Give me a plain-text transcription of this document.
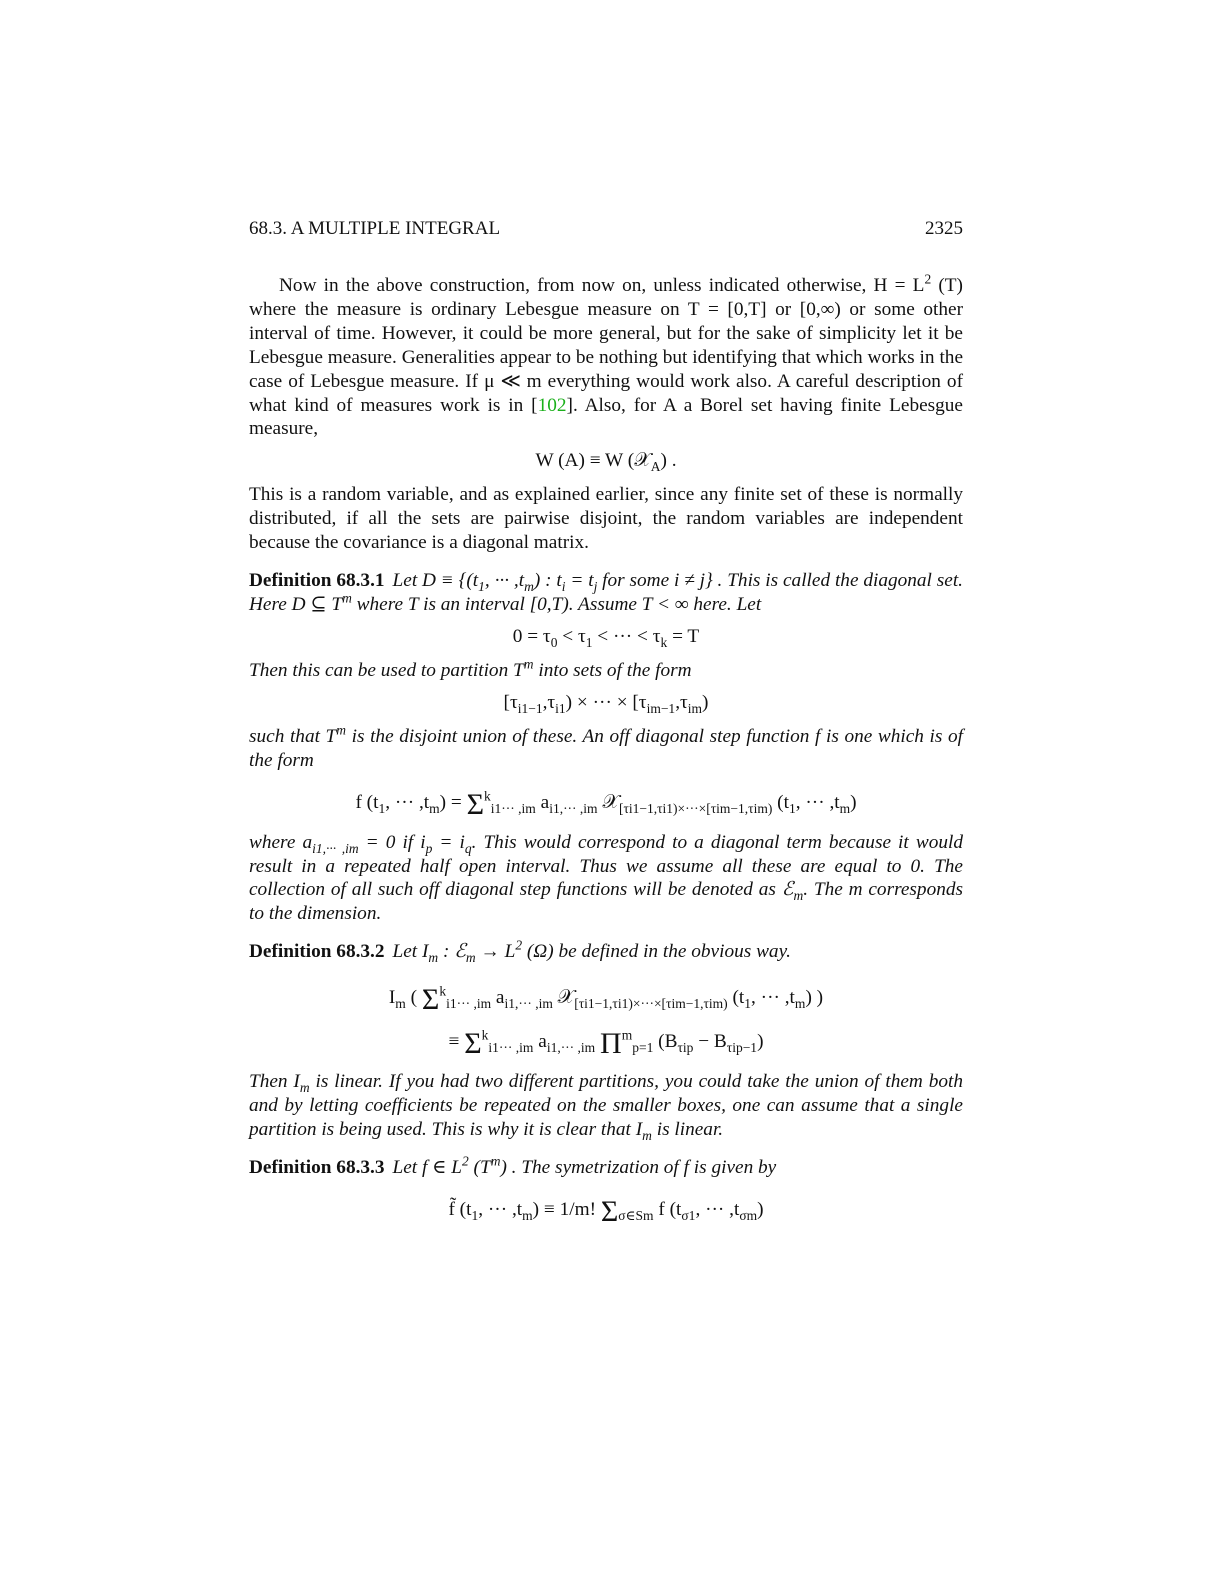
68.3. A MULTIPLE INTEGRAL	2325

Now in the above construction, from now on, unless indicated otherwise, $H = L^2$ (T) where the measure is ordinary Lebesgue measure on T = [0,T] or [0,∞) or some other interval of time. However, it could be more general, but for the sake of simplicity let it be Lebesgue measure. Generalities appear to be nothing but identifying that which works in the case of Lebesgue measure. If μ ≪ m everything would work also. A careful description of what kind of measures work is in [102]. Also, for A a Borel set having finite Lebesgue measure,

W (A) ≡ W (𝒳$_A$) .

This is a random variable, and as explained earlier, since any finite set of these is normally distributed, if all the sets are pairwise disjoint, the random variables are independent because the covariance is a diagonal matrix.

Definition 68.3.1 Let $D \equiv \{(t_1$, ··· $,t_m$) : $t_i = t_j$ for some i ≠ j} . This is called the diagonal set. Here D ⊆ $T^m$ where T is an interval [0,T). Assume T < ∞ here. Let

$0 = \tau_0 < \tau_1$ < ··· < $\tau_k = T$

Then this can be used to partition $T^m$ into sets of the form

$[\tau_{i1-1},\tau_{i1})$ × ··· × $[\tau_{im-1},\tau_{im})$

such that $T^m$ is the disjoint union of these. An off diagonal step function f is one which is of the form

f ($t_1$, ··· $,t_m) = \Sigma^k_{i1\cdot\cdot\cdot ,im}$ $a_{i1,\cdot\cdot\cdot ,im}$ 𝒳$_{[\tau i1-1,\tau i1)\times\cdot\cdot\cdot\times[\tau im-1,\tau im)}$ ($t_1$, ··· $,t_m$)

where $a_{i1,\cdot\cdot\cdot ,im} = 0$ if $i_p = i_q$. This would correspond to a diagonal term because it would result in a repeated half open interval. Thus we assume all these are equal to 0. The collection of all such off diagonal step functions will be denoted as ℰ$_m$. The m corresponds to the dimension.

Definition 68.3.2 Let $I_m$ : ℰ$_m$ → $L^2$ (Ω) be defined in the obvious way.

$I_m$ ( $\Sigma^k_{i1\cdot\cdot\cdot ,im}$ $a_{i1,\cdot\cdot\cdot ,im}$ 𝒳$_{[\tau i1-1,\tau i1)\times\cdot\cdot\cdot\times[\tau im-1,\tau im)}$ ($t_1$, ··· $,t_m$) )
≡ $\Sigma^k_{i1\cdot\cdot\cdot ,im}$ $a_{i1,\cdot\cdot\cdot ,im}$ $\Pi^m_{p=1}$ $(B_{\tau ip} - B_{\tau ip-1})$

Then $I_m$ is linear. If you had two different partitions, you could take the union of them both and by letting coefficients be repeated on the smaller boxes, one can assume that a single partition is being used. This is why it is clear that $I_m$ is linear.

Definition 68.3.3 Let f ∈ $L^2$ $(T^m)$ . The symetrization of f is given by

f̃ ($t_1$, ··· $,t_m) \equiv 1/m$! $\Sigma_{\sigma\in Sm}$ f ($t_{\sigma 1}$, ··· $,t_{\sigma m}$)
